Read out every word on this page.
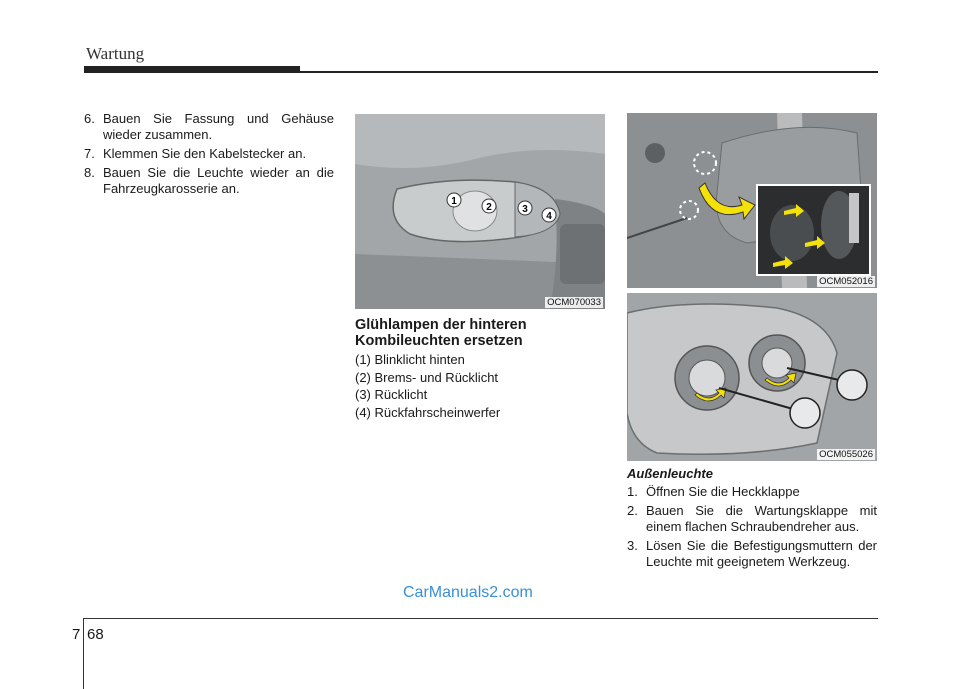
Wartung
6. Bauen Sie Fassung und Gehäuse wieder zusammen.
7. Klemmen Sie den Kabelstecker an.
8. Bauen Sie die Leuchte wieder an die Fahrzeugkarosserie an.
1
2	3
4
OCM070033
Glühlampen der hinteren
Kombileuchten ersetzen
(1) Blinklicht hinten
(2) Brems- und Rücklicht
(3) Rücklicht
(4) Rückfahrscheinwerfer
OCM052016
OCM055026
Außenleuchte
1. Öffnen Sie die Heckklappe
2. Bauen Sie die Wartungsklappe mit einem flachen Schraubendreher aus.
3. Lösen Sie die Befestigungsmuttern der Leuchte mit geeignetem Werkzeug.
CarManuals2.com
7 68
